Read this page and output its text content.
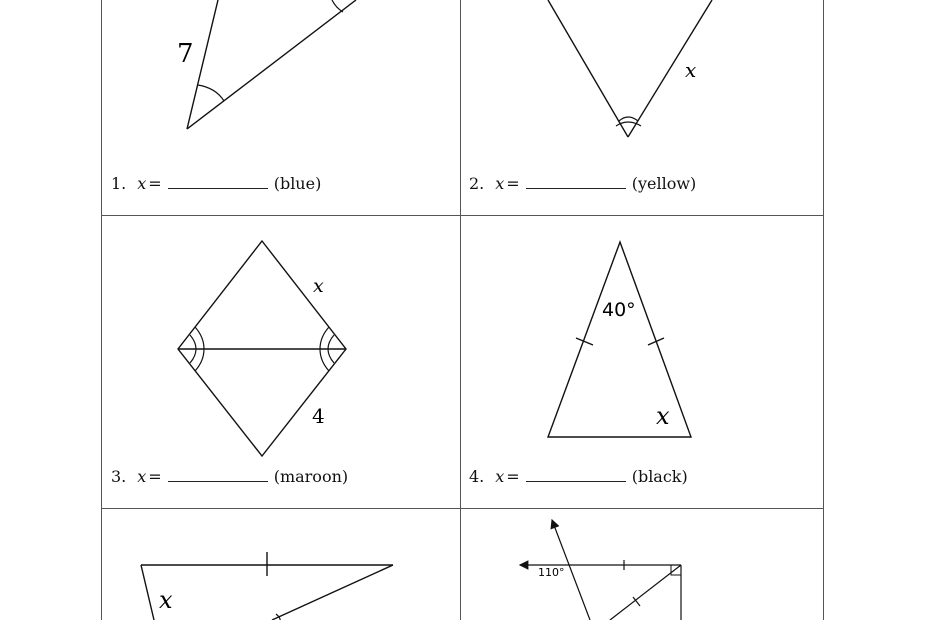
7
1. x =	(blue)
x
2. x =	(yellow)
x
4
3. x =	(maroon)
40°
x
4. x =	(black)
x
110°
